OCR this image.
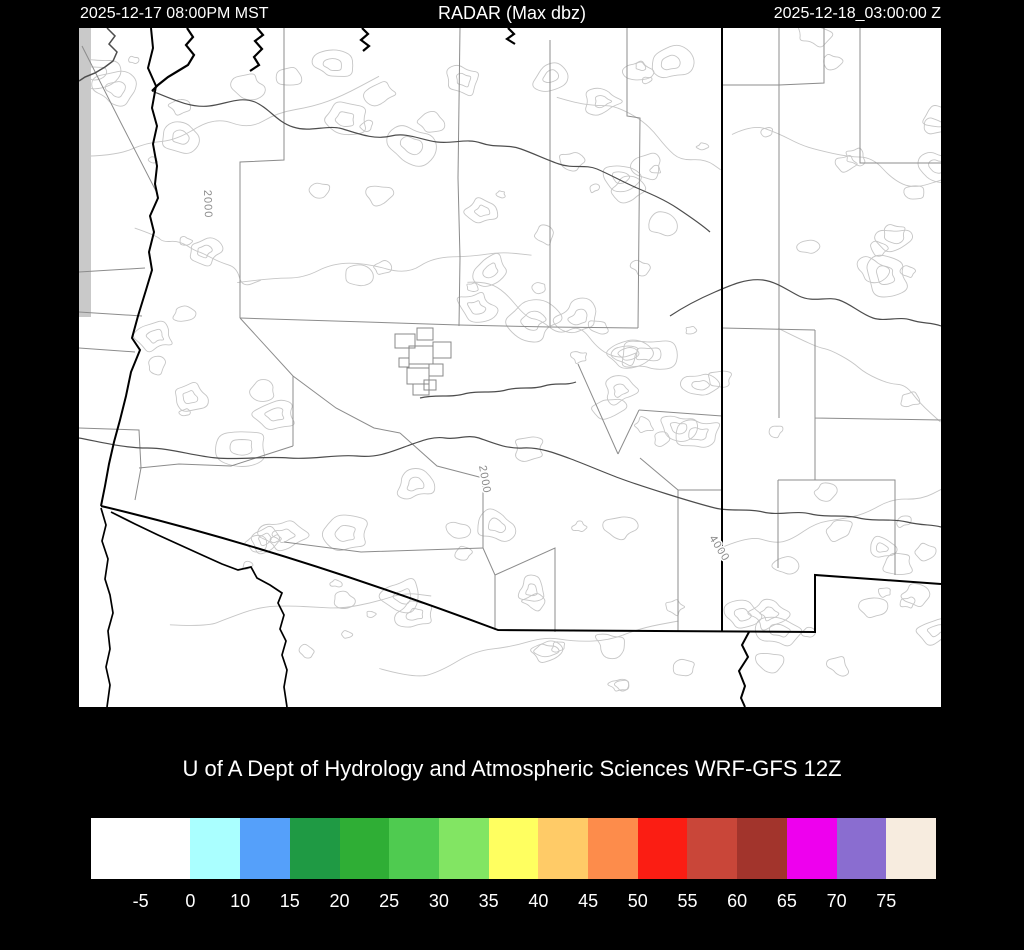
2025-12-17 08:00PM MST	RADAR (Max dbz)	2025-12-18_03:00:00 Z
2000
2000
4000
U of A Dept of Hydrology and Atmospheric Sciences WRF-GFS 12Z
-5 0 10 15 20 25 30 35 40 45 50 55 60 65 70 75
